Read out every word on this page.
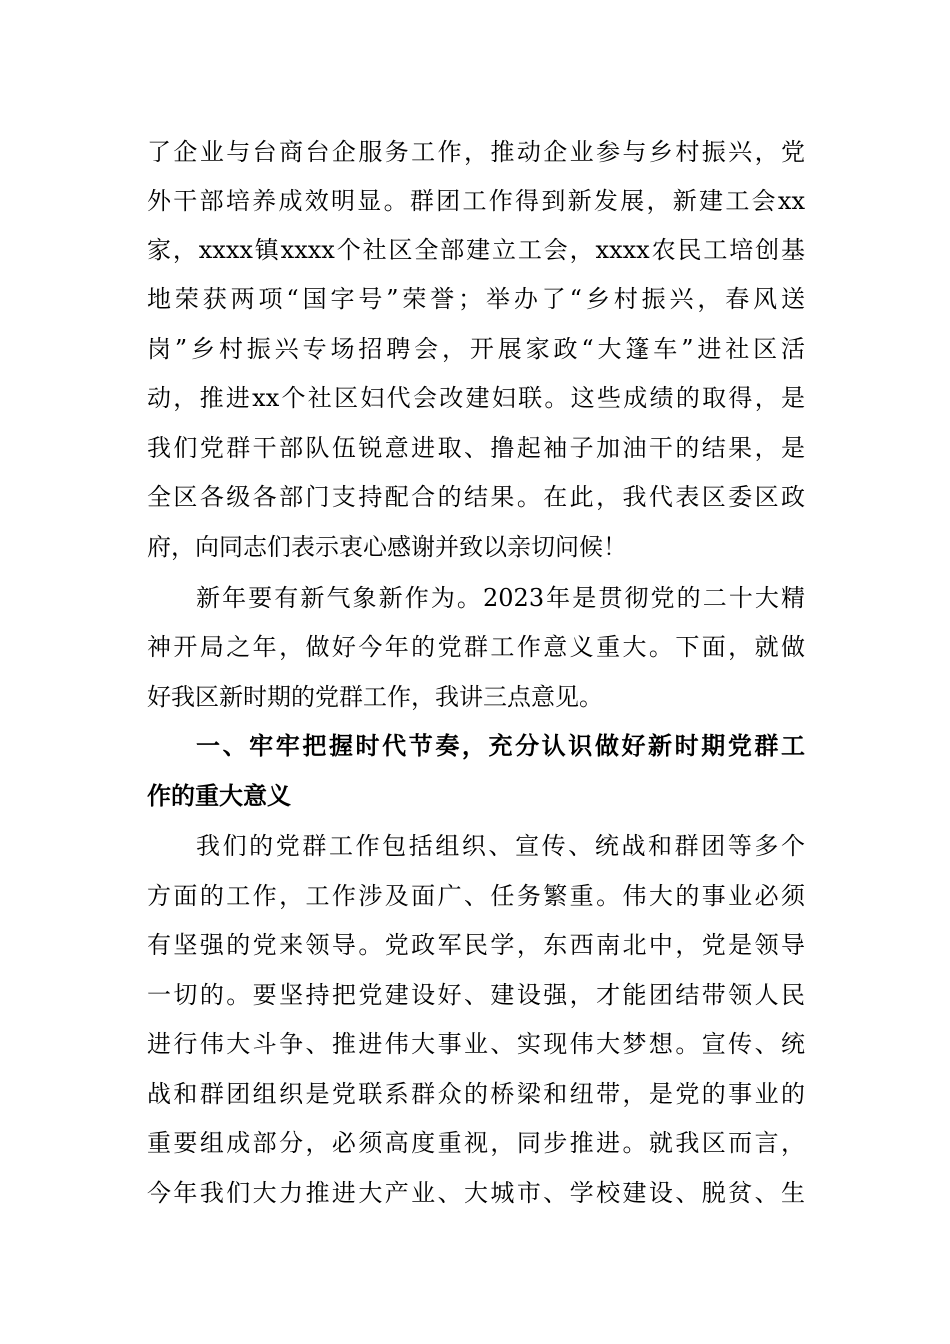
了企业与台商台企服务工作，推动企业参与乡村振兴，党
外干部培养成效明显。群团工作得到新发展，新建工会xx
家，xxxx镇xxxx个社区全部建立工会，xxxx农民工培创基
地荣获两项“国字号”荣誉；举办了“乡村振兴，春风送
岗”乡村振兴专场招聘会，开展家政“大篷车”进社区活
动，推进xx个社区妇代会改建妇联。这些成绩的取得，是
我们党群干部队伍锐意进取、撸起袖子加油干的结果，是
全区各级各部门支持配合的结果。在此，我代表区委区政
府，向同志们表示衷心感谢并致以亲切问候！
新年要有新气象新作为。2023年是贯彻党的二十大精
神开局之年，做好今年的党群工作意义重大。下面，就做
好我区新时期的党群工作，我讲三点意见。
一、牢牢把握时代节奏，充分认识做好新时期党群工
作的重大意义
我们的党群工作包括组织、宣传、统战和群团等多个
方面的工作，工作涉及面广、任务繁重。伟大的事业必须
有坚强的党来领导。党政军民学，东西南北中，党是领导
一切的。要坚持把党建设好、建设强，才能团结带领人民
进行伟大斗争、推进伟大事业、实现伟大梦想。宣传、统
战和群团组织是党联系群众的桥梁和纽带，是党的事业的
重要组成部分，必须高度重视，同步推进。就我区而言，
今年我们大力推进大产业、大城市、学校建设、脱贫、生
